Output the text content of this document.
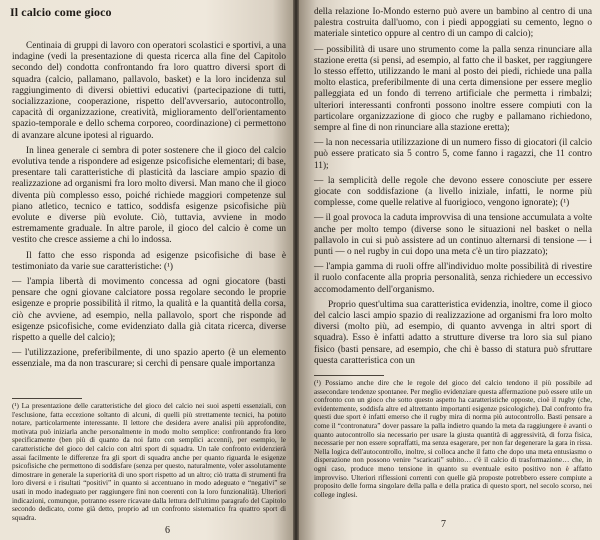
Il calcio come gioco

Centinaia di gruppi di lavoro con operatori scolastici e sportivi, a una indagine (vedi la presentazione di questa ricerca alla fine del Capitolo secondo del) condotta confrontando fra loro quattro diversi sport di squadra (calcio, pallamano, pallavolo, basket) e la loro incidenza sul raggiungimento di diversi obiettivi educativi (partecipazione di tutti, socializzazione, cooperazione, rispetto dell'avversario, autocontrollo, capacità di organizzazione, creatività, miglioramento dell'orientamento spazio-temporale e dello schema corporeo, coordinazione) ci permettono di avanzare alcune ipotesi al riguardo.

In linea generale ci sembra di poter sostenere che il gioco del calcio evolutiva tende a rispondere ad esigenze psicofisiche elementari; di base, presentare tali caratteristiche di plasticità da lasciare ampio spazio di realizzazione ad organismi fra loro molto diversi. Man mano che il gioco diventa più complesso esso, poiché richiede maggiori competenze sul piano atletico, tecnico e tattico, soddisfa esigenze psicofisiche più evolute e diverse più evolute. Ciò, tuttavia, avviene in modo estremamente graduale. In altre parole, il gioco del calcio è come un vestito che cresce assieme a chi lo indossa.

Il fatto che esso risponda ad esigenze psicofisiche di base è testimoniato da varie sue caratteristiche: (¹)

— l'ampia libertà di movimento concessa ad ogni giocatore (basti pensare che ogni giovane calciatore possa regolare secondo le proprie esigenze e proprie possibilità il ritmo, la qualità e la quantità della corsa, ciò che avviene, ad esempio, nella pallavolo, sport che risponde ad esigenze psicofisiche, come evidenziato dalla già citata ricerca, diverse rispetto a quelle del calcio);

— l'utilizzazione, preferibilmente, di uno spazio aperto (è un elemento essenziale, ma da non trascurare; si cerchi di pensare quale importanza

(¹) La presentazione delle caratteristiche del gioco del calcio nei suoi aspetti essenziali, con l'esclusione, fatta eccezione soltanto di alcuni, di quelli più strettamente tecnici, ha potuto notare, particolarmente interessante. Il lettore che desidera avere analisi più approfondite, motivata può iniziarla anche personalmente in modo molto semplice: confrontando fra loro specificamente (ben più di quanto da noi fatto con semplici accenni), per esempio, le caratteristiche del gioco del calcio con altri sport di squadra. Un tale confronto evidenzierà assai facilmente le differenze fra gli sport di squadra anche per quanto riguarda le esigenze psicofisiche che permettono di soddisfare (senza per questo, naturalmente, voler assolutamente dimostrare in generale la superiorità di uno sport rispetto ad un altro; ciò tratta di strumenti fra loro diversi e i risultati “positivi” in quanto si accentuano in modo adeguato e “negativi” se usati in modo inadeguato per raggiungere fini non coerenti con la loro funzionalità). Ulteriori indicazioni, comunque, potranno essere ricavate dalla lettura dell'ultimo paragrafo del Capitolo secondo dedicato, come già detto, proprio ad un confronto sistematico fra quattro sport di squadra.

6

della relazione Io-Mondo esterno può avere un bambino al centro di una palestra costruita dall'uomo, con i piedi appoggiati su cemento, legno o materiale sintetico oppure al centro di un campo di calcio);

— possibilità di usare uno strumento come la palla senza rinunciare alla stazione eretta (si pensi, ad esempio, al fatto che il basket, per raggiungere lo stesso effetto, utilizzando le mani al posto dei piedi, richiede una palla molto elastica, preferibilmente di una certa dimensione per essere meglio palleggiata ed un fondo di terreno artificiale che permetta i rimbalzi; ulteriori interessanti confronti possono inoltre essere compiuti con la particolare organizzazione di gioco che rugby e pallamano richiedono, sempre al fine di non rinunciare alla stazione eretta);

— la non necessaria utilizzazione di un numero fisso di giocatori (il calcio può essere praticato sia 5 contro 5, come fanno i ragazzi, che 11 contro 11);

— la semplicità delle regole che devono essere conosciute per essere giocate con soddisfazione (a livello iniziale, infatti, le norme più complesse, come quelle relative al fuorigioco, vengono ignorate); (¹)

— il goal provoca la caduta improvvisa di una tensione accumulata a volte anche per molto tempo (diverse sono le situazioni nel basket o nella pallavolo in cui si può assistere ad un continuo alternarsi di tensione — i punti — o nel rugby in cui dopo una meta c'è un tiro piazzato);

— l'ampia gamma di ruoli offre all'individuo molte possibilità di rivestire il ruolo confacente alla propria personalità, senza richiedere un eccessivo accomodamento dell'organismo.

Proprio quest'ultima sua caratteristica evidenzia, inoltre, come il gioco del calcio lasci ampio spazio di realizzazione ad organismi fra loro molto diversi (molto più, ad esempio, di quanto avvenga in altri sport di squadra). Esso è infatti adatto a strutture diverse tra loro sia sul piano fisico (basti pensare, ad esempio, che chi è basso di statura può sfruttare questa caratteristica con un

(¹) Possiamo anche dire che le regole del gioco del calcio tendono il più possibile ad assecondare tendenze spontanee. Per meglio evidenziare questa affermazione può essere utile un confronto con un gioco che sotto questo aspetto ha caratteristiche opposte, cioè il rugby (che, evidentemente, soddisfa altre ed altrettanto importanti esigenze psicologiche). Dal confronto fra questi due sport è infatti emerso che il rugby mira di norma più autocontrollo. Basti pensare a come il “contronatura” dover passare la palla indietro quando la meta da raggiungere è avanti o quanto autocontrollo sia necessario per usare la giusta quantità di aggressività, di forza fisica, necessarie per non essere sopraffatti, ma senza esagerare, per non far degenerare la gara in rissa. Nella logica dell'autocontrollo, inoltre, si colloca anche il fatto che dopo una meta entusiasmo o disperazione non possono venire “scaricati” subito… c'è il calcio di trasformazione… che, in ogni caso, produce meno tensione in quanto su eventuale esito positivo non è affatto improvviso. Ulteriori riflessioni correnti con quelle già proposte potrebbero essere compiute a proposito delle forma singolare della palla e della pratica di questo sport, nel secolo scorso, nei college inglesi.

7
